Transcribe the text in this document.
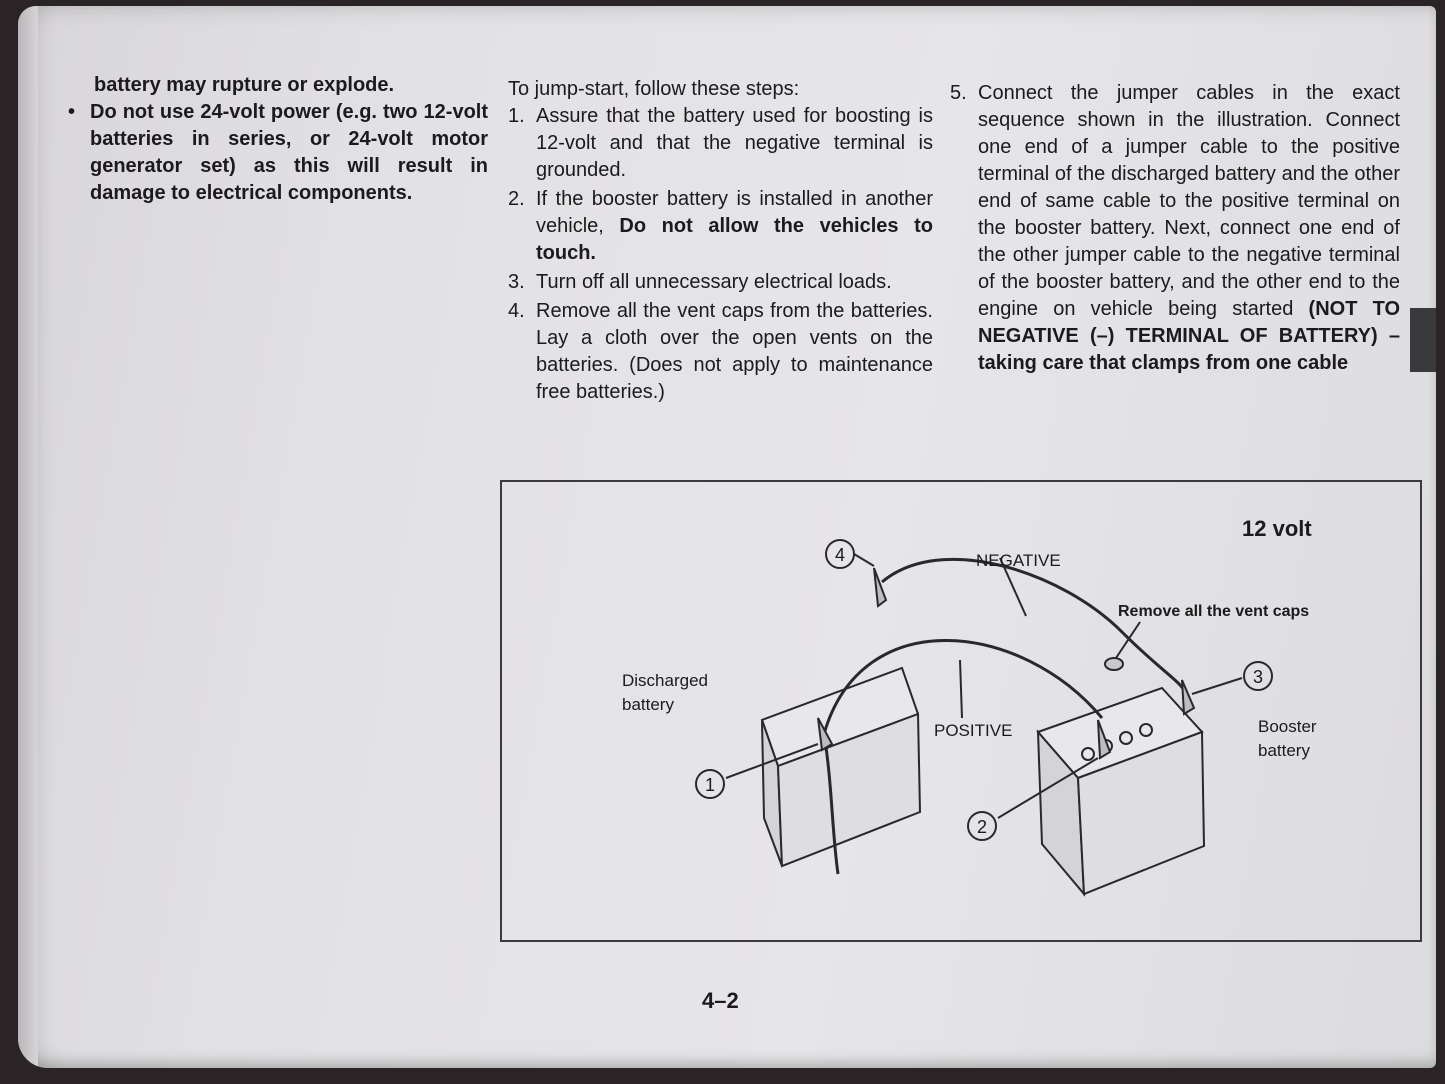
battery may rupture or explode.
• Do not use 24-volt power (e.g. two 12-volt batteries in series, or 24-volt motor generator set) as this will result in damage to electrical components.
To jump-start, follow these steps:
1. Assure that the battery used for boosting is 12-volt and that the negative terminal is grounded.
2. If the booster battery is installed in another vehicle, Do not allow the vehicles to touch.
3. Turn off all unnecessary electrical loads.
4. Remove all the vent caps from the batteries. Lay a cloth over the open vents on the batteries. (Does not apply to maintenance free batteries.)
5. Connect the jumper cables in the exact sequence shown in the illustration. Connect one end of a jumper cable to the positive terminal of the discharged battery and the other end of same cable to the positive terminal on the booster battery. Next, connect one end of the other jumper cable to the negative terminal of the booster battery, and the other end to the engine on vehicle being started (NOT TO NEGATIVE (–) TERMINAL OF BATTERY) – taking care that clamps from one cable
12 volt
NEGATIVE
POSITIVE
Remove all the vent caps
Discharged
battery
Booster
battery
1
2
3
4
4–2
